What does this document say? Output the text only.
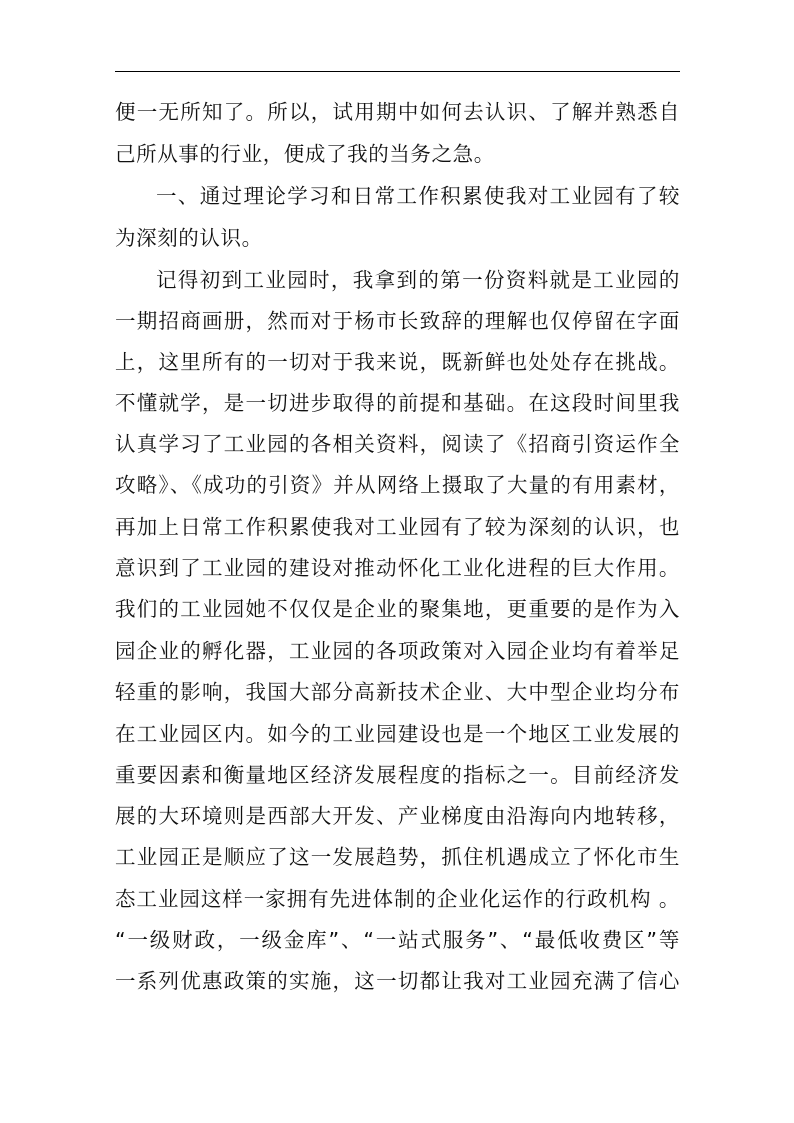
便一无所知了。所以，试用期中如何去认识、了解并熟悉自
己所从事的行业，便成了我的当务之急。
一、通过理论学习和日常工作积累使我对工业园有了较
为深刻的认识。
记得初到工业园时，我拿到的第一份资料就是工业园的
一期招商画册，然而对于杨市长致辞的理解也仅停留在字面
上，这里所有的一切对于我来说，既新鲜也处处存在挑战。
不懂就学，是一切进步取得的前提和基础。在这段时间里我
认真学习了工业园的各相关资料，阅读了《招商引资运作全
攻略》、《成功的引资》并从网络上摄取了大量的有用素材，
再加上日常工作积累使我对工业园有了较为深刻的认识，也
意识到了工业园的建设对推动怀化工业化进程的巨大作用。
我们的工业园她不仅仅是企业的聚集地，更重要的是作为入
园企业的孵化器，工业园的各项政策对入园企业均有着举足
轻重的影响，我国大部分高新技术企业、大中型企业均分布
在工业园区内。如今的工业园建设也是一个地区工业发展的
重要因素和衡量地区经济发展程度的指标之一。目前经济发
展的大环境则是西部大开发、产业梯度由沿海向内地转移，
工业园正是顺应了这一发展趋势，抓住机遇成立了怀化市生
态工业园这样一家拥有先进体制的企业化运作的行政机构 。
“一级财政，一级金库”、“一站式服务”、“最低收费区”等
一系列优惠政策的实施，这一切都让我对工业园充满了信心
